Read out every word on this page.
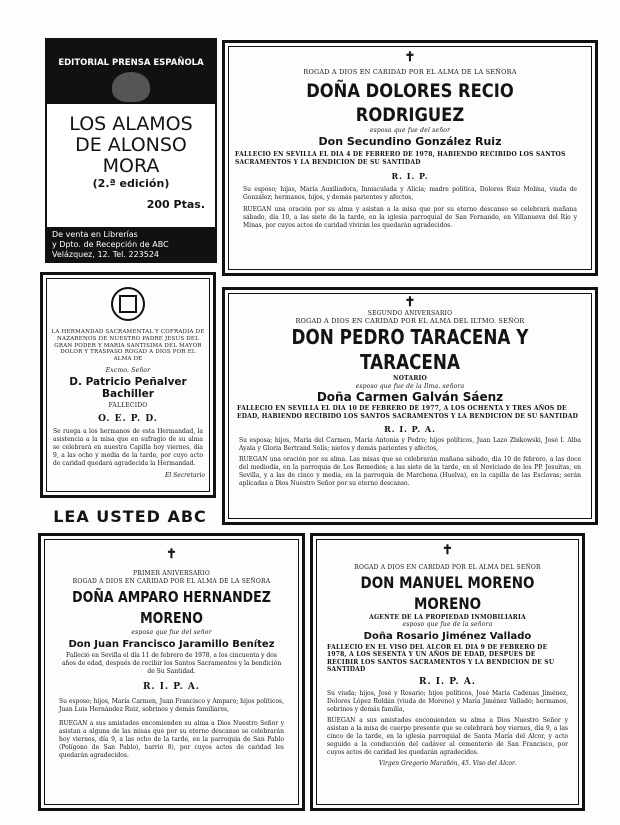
EDITORIAL PRENSA ESPAÑOLA
LOS ALAMOS
DE ALONSO MORA
(2.ª edición)
200 Ptas.
De venta en Librerías
y Dpto. de Recepción de ABC
Velázquez, 12. Tel. 223524
✝
ROGAD A DIOS EN CARIDAD POR EL ALMA DE LA SEÑORA
DOÑA DOLORES RECIO RODRIGUEZ
esposa que fue del señor
Don Secundino González Ruiz
FALLECIO EN SEVILLA EL DIA 4 DE FEBRERO DE 1978, HABIENDO RECIBIDO LOS SANTOS SACRAMENTOS Y LA BENDICION DE SU SANTIDAD
R. I. P.
Su esposo; hijas, María Auxiliadora, Inmaculada y Alicia; madre política, Dolores Ruiz Molina, viuda de González; hermanos, hijos, y demás parientes y afectos,
RUEGAN una oración por su alma y asistan a la misa que por su eterno descanso se celebrará mañana sábado, día 10, a las siete de la tarde, en la iglesia parroquial de San Fernando, en Villanueva del Río y Minas, por cuyos actos de caridad vivirán les quedarán agradecidos.
LA HERMANDAD SACRAMENTAL Y COFRADIA DE NAZARENOS DE NUESTRO PADRE JESUS DEL GRAN PODER Y MARIA SANTISIMA DEL MAYOR DOLOR Y TRASPASO ROGAD A DIOS POR EL ALMA DE
Excmo. Señor
D. Patricio Peñalver Bachiller
FALLECIDO
O. E. P. D.
Se ruega a los hermanos de esta Hermandad, la asistencia a la misa que en sufragio de su alma se celebrará en nuestra Capilla hoy viernes, día 9, a las ocho y media de la tarde, por cuyo acto de caridad quedará agradecida la Hermandad.
El Secretario
LEA USTED ABC
✝
SEGUNDO ANIVERSARIO
ROGAD A DIOS EN CARIDAD POR EL ALMA DEL ILTMO. SEÑOR
DON PEDRO TARACENA Y TARACENA
NOTARIO
esposo que fue de la Ilma. señora
Doña Carmen Galván Sáenz
FALLECIO EN SEVILLA EL DIA 10 DE FEBRERO DE 1977, A LOS OCHENTA Y TRES AÑOS DE EDAD, HABIENDO RECIBIDO LOS SANTOS SACRAMENTOS Y LA BENDICION DE SU SANTIDAD
R. I. P. A.
Su esposa; hijos, María del Carmen, María Antonia y Pedro; hijos políticos, Juan Lazo Zbikowski, José I. Alba Ayala y Gloria Bertrand Solís; nietos y demás parientes y afectos,
RUEGAN una oración por su alma. Las misas que se celebrarán mañana sábado, día 10 de febrero, a las doce del mediodía, en la parroquia de Los Remedios; a las siete de la tarde, en el Noviciado de los PP. Jesuitas, en Sevilla, y a las de cinco y media, en la parroquia de Marchena (Huelva), en la capilla de las Esclavas; serán aplicadas a Dios Nuestro Señor por su eterno descanso.
✝
PRIMER ANIVERSARIO
ROGAD A DIOS EN CARIDAD POR EL ALMA DE LA SEÑORA
DOÑA AMPARO HERNANDEZ MORENO
esposa que fue del señor
Don Juan Francisco Jaramillo Benítez
Falleció en Sevilla el día 11 de febrero de 1978, a los cincuenta y dos años de edad, después de recibir los Santos Sacramentos y la bendición de Su Santidad.
R. I. P. A.
Su esposo; hijos, María Carmen, Juan Francisco y Amparo; hijos políticos, Juan Luis Hernández Ruiz, sobrinos y demás familiares,
RUEGAN a sus amistades encomienden su alma a Dios Nuestro Señor y asistan a alguna de las misas que por su eterno descanso se celebrarán hoy viernes, día 9, a las ocho de la tarde, en la parroquia de San Pablo (Polígono de San Pablo), barrio 8), por cuyos actos de caridad les quedarán agradecidos.
✝
ROGAD A DIOS EN CARIDAD POR EL ALMA DEL SEÑOR
DON MANUEL MORENO MORENO
AGENTE DE LA PROPIEDAD INMOBILIARIA
esposo que fue de la señora
Doña Rosario Jiménez Vallado
FALLECIO EN EL VISO DEL ALCOR EL DIA 9 DE FEBRERO DE 1978, A LOS SESENTA Y UN AÑOS DE EDAD, DESPUES DE RECIBIR LOS SANTOS SACRAMENTOS Y LA BENDICION DE SU SANTIDAD
R. I. P. A.
Su viuda; hijos, José y Rosario; hijos políticos, José María Cadenas Jiménez, Dolores López Roldán (viuda de Moreno) y María Jiménez Vallado; hermanos, sobrinos y demás familia,
RUEGAN a sus amistades encomienden su alma a Dios Nuestro Señor y asistan a la misa de cuerpo presente que se celebrará hoy viernes, día 9, a las cinco de la tarde, en la iglesia parroquial de Santa María del Alcor, y acto seguido a la conducción del cadáver al cementerio de San Francisco, por cuyos actos de caridad les quedarán agradecidos.
Virgen Gregorio Marañón, 45. Viso del Alcor.
